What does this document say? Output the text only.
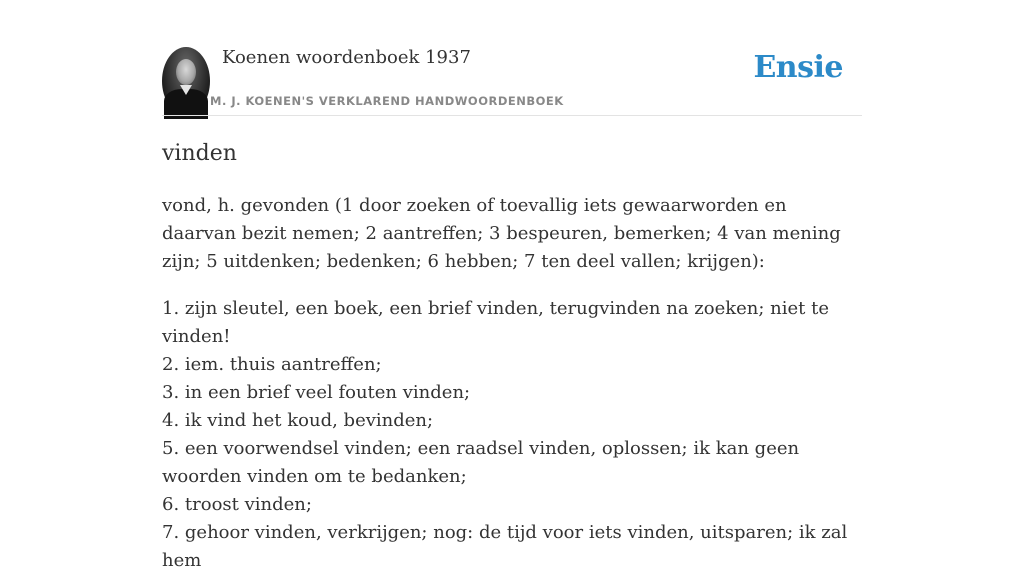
Koenen woordenboek 1937
M. J. KOENEN'S VERKLAREND HANDWOORDENBOEK
Ensie
vinden

vond, h. gevonden (1 door zoeken of toevallig iets gewaarworden en daarvan bezit nemen; 2 aantreffen; 3 bespeuren, bemerken; 4 van mening zijn; 5 uitdenken; bedenken; 6 hebben; 7 ten deel vallen; krijgen):

1. zijn sleutel, een boek, een brief vinden, terugvinden na zoeken; niet te vinden!
2. iem. thuis aantreffen;
3. in een brief veel fouten vinden;
4. ik vind het koud, bevinden;
5. een voorwendsel vinden; een raadsel vinden, oplossen; ik kan geen woorden vinden om te bedanken;
6. troost vinden;
7. gehoor vinden, verkrijgen; nog: de tijd voor iets vinden, uitsparen; ik zal hem
